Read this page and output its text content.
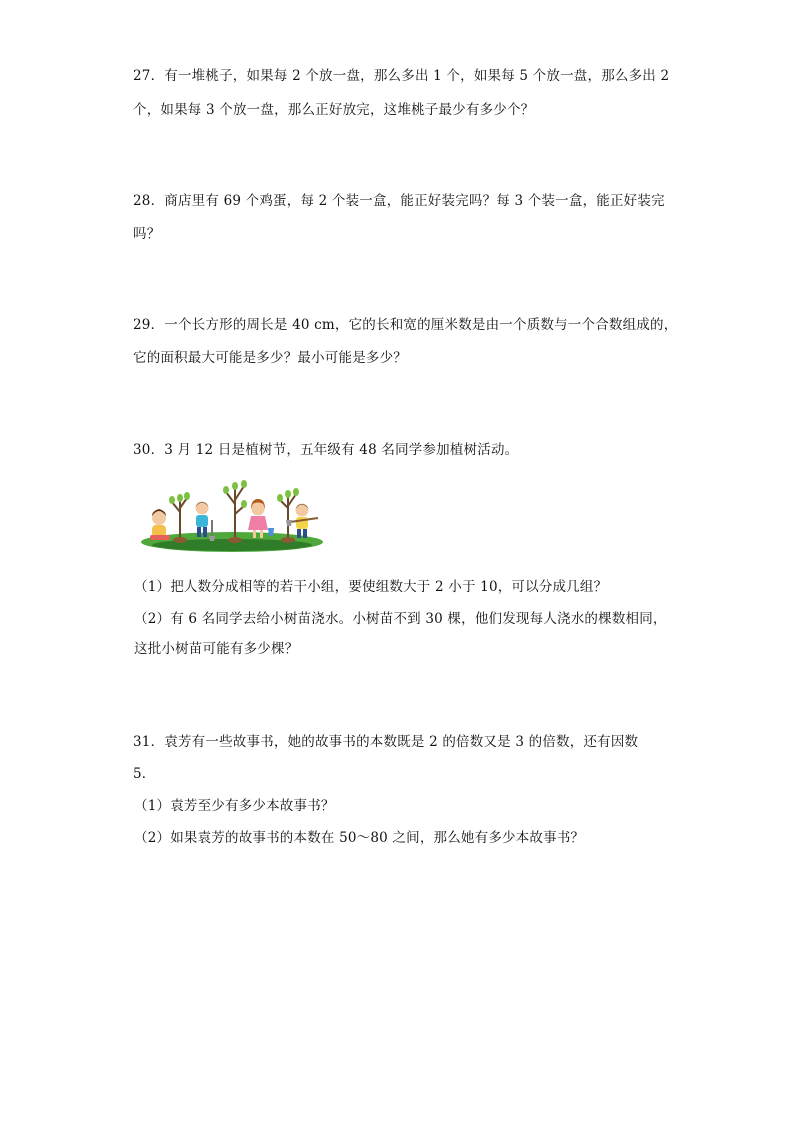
27．有一堆桃子，如果每 2 个放一盘，那么多出 1 个，如果每 5 个放一盘，那么多出 2
个，如果每 3 个放一盘，那么正好放完，这堆桃子最少有多少个？
28．商店里有 69 个鸡蛋，每 2 个装一盒，能正好装完吗？每 3 个装一盒，能正好装完
吗？
29．一个长方形的周长是 40 cm，它的长和宽的厘米数是由一个质数与一个合数组成的，
它的面积最大可能是多少？最小可能是多少？
30．3 月 12 日是植树节，五年级有 48 名同学参加植树活动。
（1）把人数分成相等的若干小组，要使组数大于 2 小于 10，可以分成几组？
（2）有 6 名同学去给小树苗浇水。小树苗不到 30 棵，他们发现每人浇水的棵数相同，
这批小树苗可能有多少棵？
31．袁芳有一些故事书，她的故事书的本数既是 2 的倍数又是 3 的倍数，还有因数
5．
（1）袁芳至少有多少本故事书？
（2）如果袁芳的故事书的本数在 50～80 之间，那么她有多少本故事书？
